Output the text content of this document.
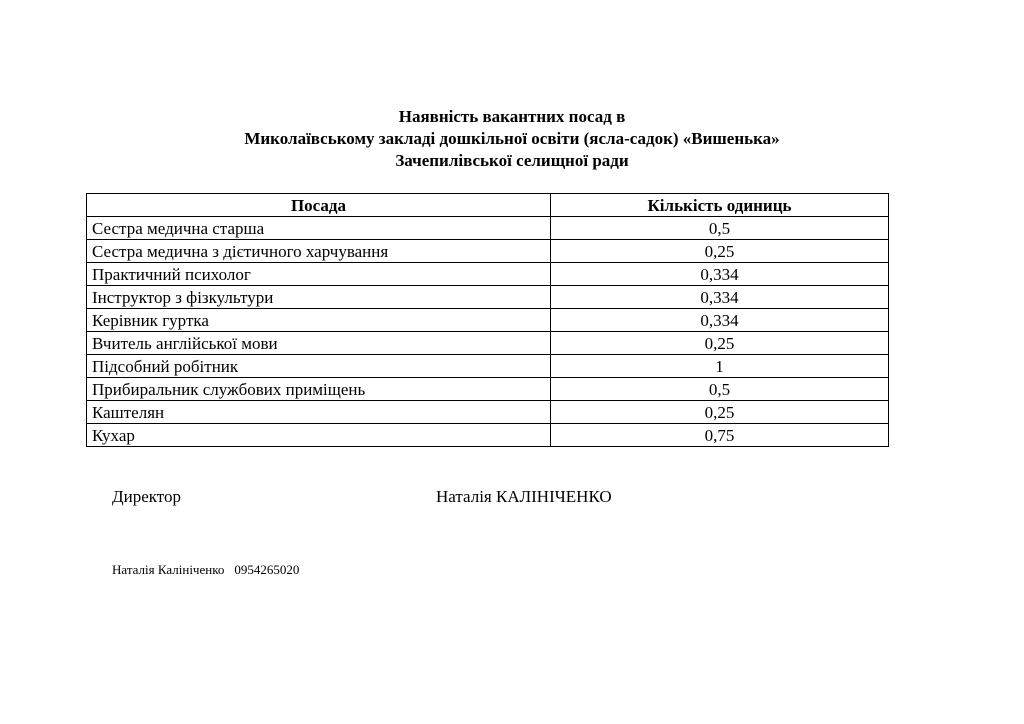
Наявність вакантних посад в
Миколаївському закладі дошкільної освіти (ясла-садок) «Вишенька»
Зачепилівської селищної ради
Посада	Кількість одиниць
Сестра медична старша	0,5
Сестра медична з дієтичного харчування	0,25
Практичний психолог	0,334
Інструктор з фізкультури	0,334
Керівник гуртка	0,334
Вчитель англійської мови	0,25
Підсобний робітник	1
Прибиральник службових приміщень	0,5
Каштелян	0,25
Кухар	0,75
Директор	Наталія КАЛІНІЧЕНКО
Наталія Калініченко 0954265020
